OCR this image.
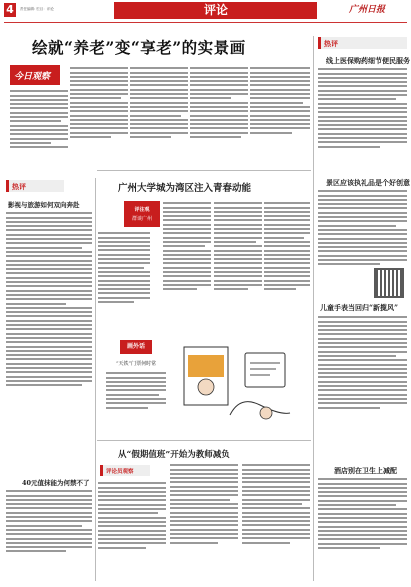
4	责任编辑: 栏目：评论	评论	广州日报
绘就“养老”变“享老”的实景画
今日观察
热评
线上医保购药细节便民服务
景区应该执礼品是个好创意
儿童手表当回归“新揽风”
酒店别在卫生上减配
热评
影视与旅游如何双向奔赴
40元值抹能为何禁不了
广州大学城为湾区注入青春动能
评注观
群谈广州
画外话
“天铁”门票何时常
从“假期值班”开始为教师减负
评论员观察
